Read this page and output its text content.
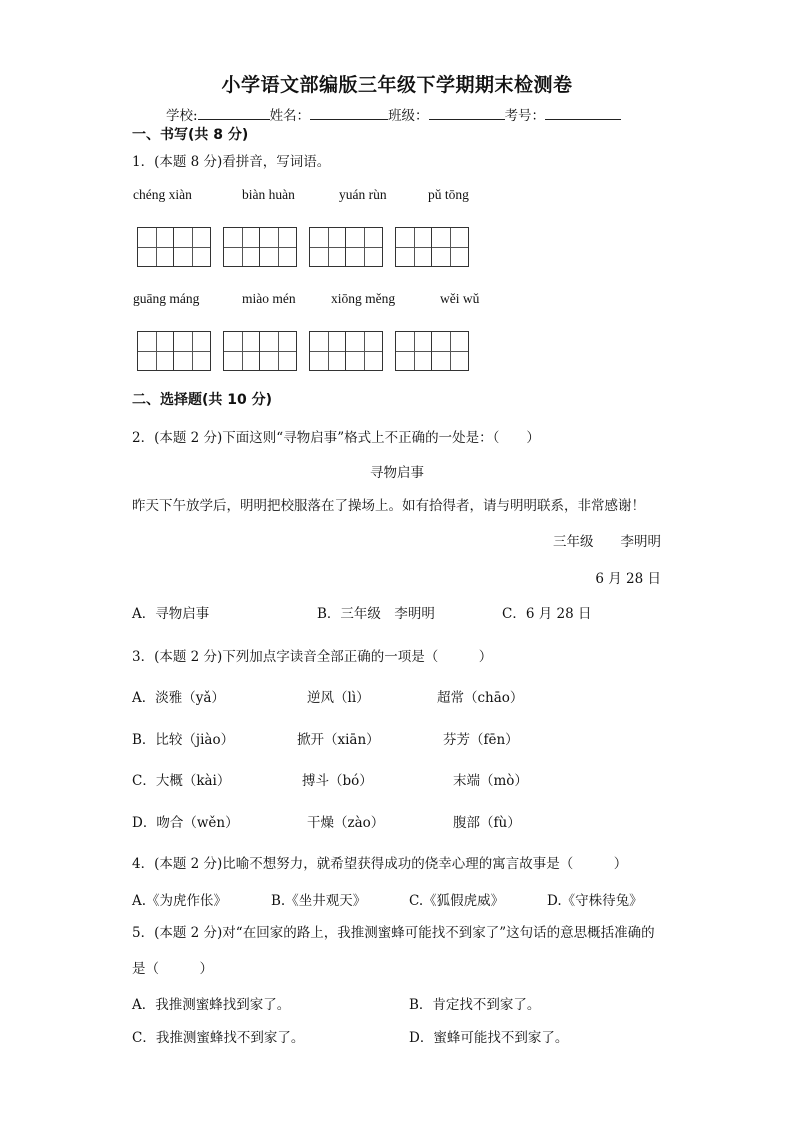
小学语文部编版三年级下学期期末检测卷
学校:	姓名：	班级：	考号：
一、书写(共 8 分)
1．(本题 8 分)看拼音，写词语。
chéng xiàn	biàn huàn	yuán rùn	pǔ tōng
guāng máng	miào mén	xiōng měng	wěi wǔ
二、选择题(共 10 分)
2．(本题 2 分)下面这则“寻物启事”格式上不正确的一处是：（　　）
寻物启事
昨天下午放学后，明明把校服落在了操场上。如有拾得者，请与明明联系，非常感谢！
三年级　　李明明
6 月 28 日
A．寻物启事	B．三年级　李明明	C．6 月 28 日
3．(本题 2 分)下列加点字读音全部正确的一项是（　　　）
A．淡雅（yǎ）	逆风（lì）	超常（chāo）
B．比较（jiào）	掀开（xiān）	芬芳（fēn）
C．大概（kài）	搏斗（bó）	末端（mò）
D．吻合（wěn）	干燥（zào）	腹部（fù）
4．(本题 2 分)比喻不想努力，就希望获得成功的侥幸心理的寓言故事是（　　　）
A.《为虎作伥》	B.《坐井观天》	C.《狐假虎威》	D.《守株待兔》
5．(本题 2 分)对“在回家的路上，我推测蜜蜂可能找不到家了”这句话的意思概括准确的
是（　　　）
A．我推测蜜蜂找到家了。	B．肯定找不到家了。
C．我推测蜜蜂找不到家了。	D．蜜蜂可能找不到家了。
